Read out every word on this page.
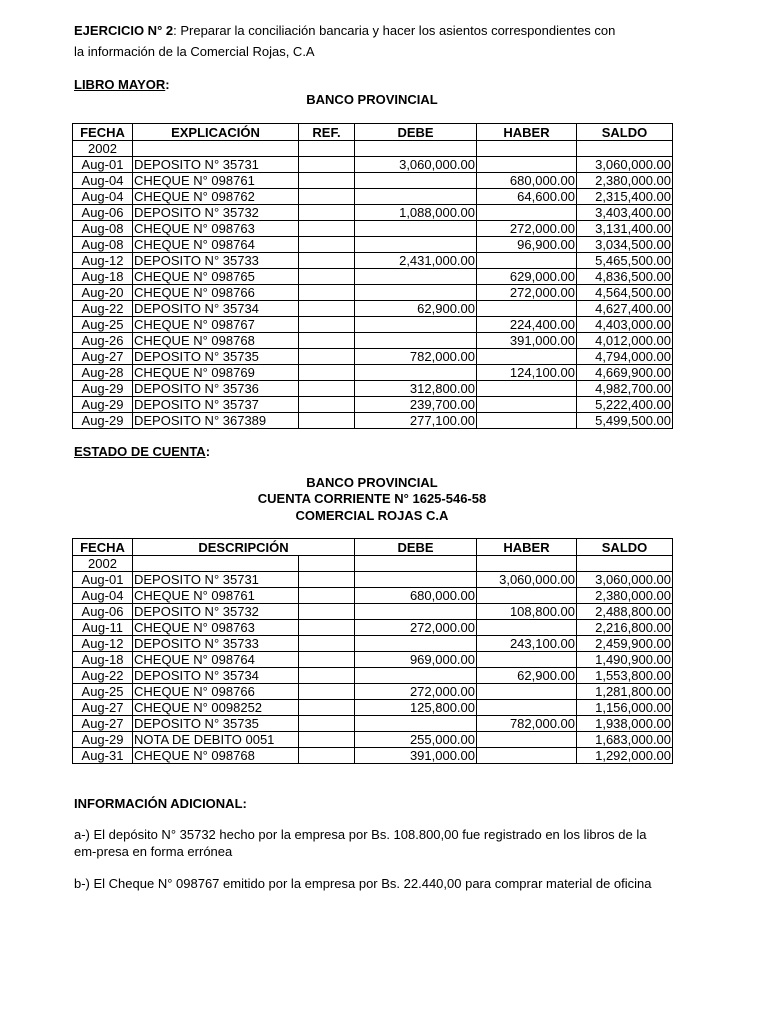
EJERCICIO N° 2: Preparar la conciliación bancaria y hacer los asientos correspondientes con
la información de la Comercial Rojas, C.A
LIBRO MAYOR:
BANCO PROVINCIAL
FECHA	EXPLICACIÓN	REF.	DEBE	HABER	SALDO
2002					
Aug-01	DEPOSITO N° 35731		3,060,000.00		3,060,000.00
Aug-04	CHEQUE N° 098761			680,000.00	2,380,000.00
Aug-04	CHEQUE N° 098762			64,600.00	2,315,400.00
Aug-06	DEPOSITO N° 35732		1,088,000.00		3,403,400.00
Aug-08	CHEQUE N° 098763			272,000.00	3,131,400.00
Aug-08	CHEQUE N° 098764			96,900.00	3,034,500.00
Aug-12	DEPOSITO N° 35733		2,431,000.00		5,465,500.00
Aug-18	CHEQUE N° 098765			629,000.00	4,836,500.00
Aug-20	CHEQUE N° 098766			272,000.00	4,564,500.00
Aug-22	DEPOSITO N° 35734		62,900.00		4,627,400.00
Aug-25	CHEQUE N° 098767			224,400.00	4,403,000.00
Aug-26	CHEQUE N° 098768			391,000.00	4,012,000.00
Aug-27	DEPOSITO N° 35735		782,000.00		4,794,000.00
Aug-28	CHEQUE N° 098769			124,100.00	4,669,900.00
Aug-29	DEPOSITO N° 35736		312,800.00		4,982,700.00
Aug-29	DEPOSITO N° 35737		239,700.00		5,222,400.00
Aug-29	DEPOSITO N° 367389		277,100.00		5,499,500.00
ESTADO DE CUENTA:
BANCO PROVINCIAL
CUENTA CORRIENTE N° 1625-546-58
COMERCIAL ROJAS C.A
FECHA	DESCRIPCIÓN		DEBE	HABER	SALDO
2002					
Aug-01	DEPOSITO N° 35731			3,060,000.00	3,060,000.00
Aug-04	CHEQUE N° 098761		680,000.00		2,380,000.00
Aug-06	DEPOSITO N° 35732			108,800.00	2,488,800.00
Aug-11	CHEQUE N° 098763		272,000.00		2,216,800.00
Aug-12	DEPOSITO N° 35733			243,100.00	2,459,900.00
Aug-18	CHEQUE N° 098764		969,000.00		1,490,900.00
Aug-22	DEPOSITO N° 35734			62,900.00	1,553,800.00
Aug-25	CHEQUE N° 098766		272,000.00		1,281,800.00
Aug-27	CHEQUE N° 0098252		125,800.00		1,156,000.00
Aug-27	DEPOSITO N° 35735			782,000.00	1,938,000.00
Aug-29	NOTA DE DEBITO 0051		255,000.00		1,683,000.00
Aug-31	CHEQUE N° 098768		391,000.00		1,292,000.00
INFORMACIÓN ADICIONAL:
a-) El depósito N° 35732 hecho por la empresa por Bs. 108.800,00 fue registrado en los libros de la
em-presa en forma errónea
b-) El Cheque N° 098767 emitido por la empresa por Bs. 22.440,00 para comprar material de oficina
